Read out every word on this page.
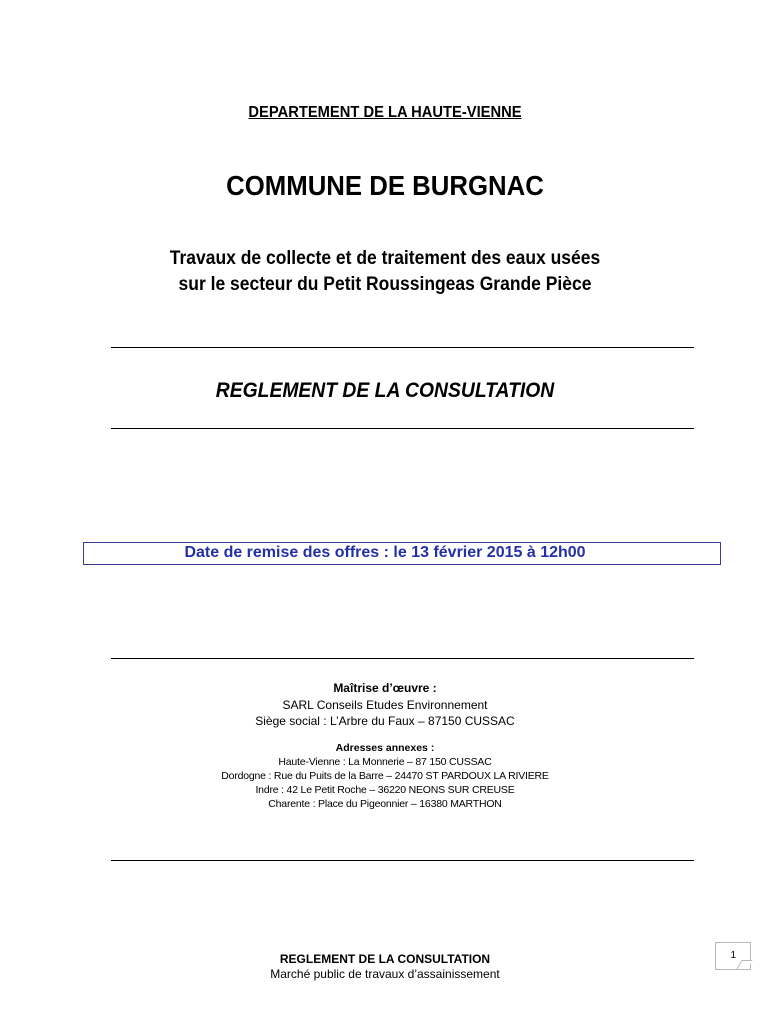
DEPARTEMENT DE LA HAUTE-VIENNE
COMMUNE DE BURGNAC
Travaux de collecte et de traitement des eaux usées
sur le secteur du Petit Roussingeas Grande Pièce
REGLEMENT DE LA CONSULTATION
Date de remise des offres : le 13 février 2015 à 12h00
Maîtrise d’œuvre :
SARL Conseils Etudes Environnement
Siège social : L’Arbre du Faux – 87150 CUSSAC
Adresses annexes :
Haute-Vienne : La Monnerie – 87 150 CUSSAC
Dordogne : Rue du Puits de la Barre – 24470 ST PARDOUX LA RIVIERE
Indre : 42 Le Petit Roche – 36220 NEONS SUR CREUSE
Charente : Place du Pigeonnier – 16380 MARTHON
REGLEMENT DE LA CONSULTATION
Marché public de travaux d’assainissement
1
